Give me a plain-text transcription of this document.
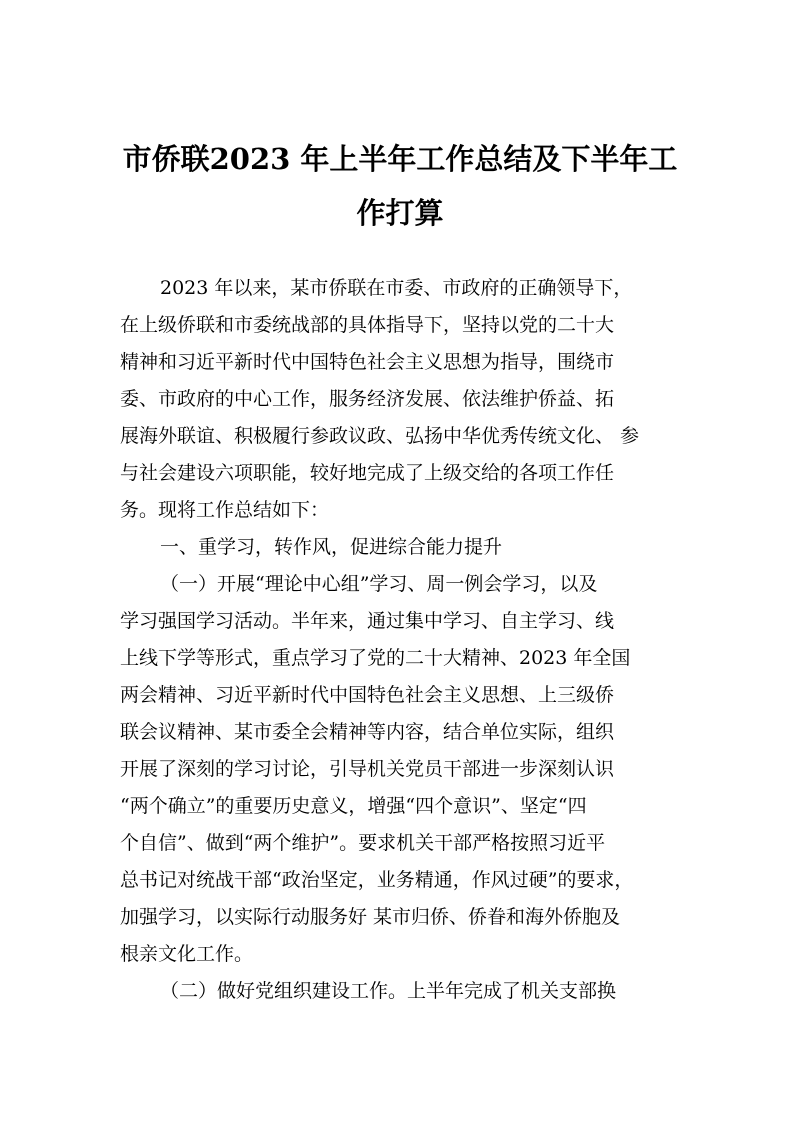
市侨联2023 年上半年工作总结及下半年工
作打算
2023 年以来，某市侨联在市委、市政府的正确领导下，
在上级侨联和市委统战部的具体指导下，坚持以党的二十大
精神和习近平新时代中国特色社会主义思想为指导，围绕市
委、市政府的中心工作，服务经济发展、依法维护侨益、拓
展海外联谊、积极履行参政议政、弘扬中华优秀传统文化、 参
与社会建设六项职能，较好地完成了上级交给的各项工作任
务。现将工作总结如下：
一、重学习，转作风，促进综合能力提升
（一）开展“理论中心组”学习、周一例会学习，以及
学习强国学习活动。半年来，通过集中学习、自主学习、线
上线下学等形式，重点学习了党的二十大精神、2023 年全国
两会精神、习近平新时代中国特色社会主义思想、上三级侨
联会议精神、某市委全会精神等内容，结合单位实际，组织
开展了深刻的学习讨论，引导机关党员干部进一步深刻认识
“两个确立”的重要历史意义，增强“四个意识”、坚定“四
个自信”、做到“两个维护”。要求机关干部严格按照习近平
总书记对统战干部“政治坚定，业务精通，作风过硬”的要求，
加强学习，以实际行动服务好 某市归侨、侨眷和海外侨胞及
根亲文化工作。
（二）做好党组织建设工作。上半年完成了机关支部换
